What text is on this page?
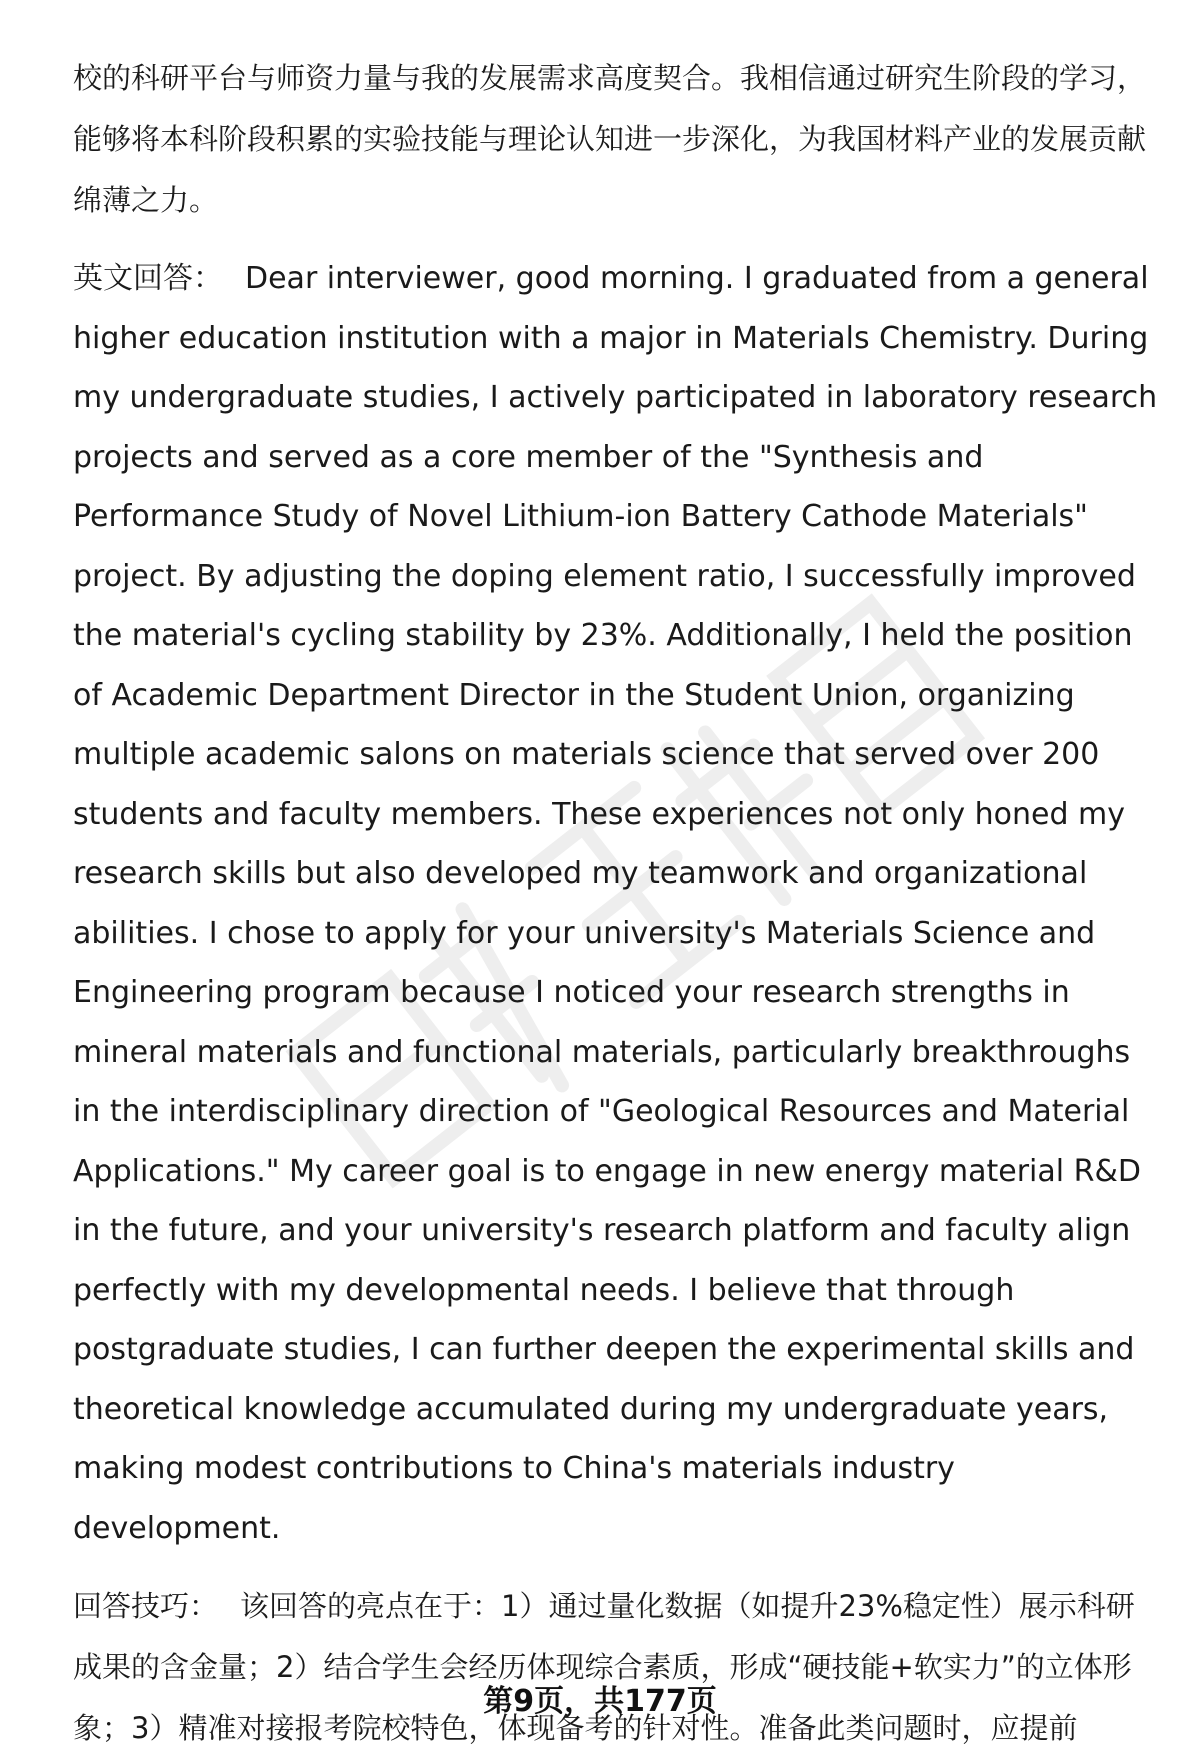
校的科研平台与师资力量与我的发展需求高度契合。我相信通过研究生阶段的学习，能够将本科阶段积累的实验技能与理论认知进一步深化，为我国材料产业的发展贡献绵薄之力。

英文回答： Dear interviewer, good morning. I graduated from a general higher education institution with a major in Materials Chemistry. During my undergraduate studies, I actively participated in laboratory research projects and served as a core member of the "Synthesis and Performance Study of Novel Lithium-ion Battery Cathode Materials" project. By adjusting the doping element ratio, I successfully improved the material's cycling stability by 23%. Additionally, I held the position of Academic Department Director in the Student Union, organizing multiple academic salons on materials science that served over 200 students and faculty members. These experiences not only honed my research skills but also developed my teamwork and organizational abilities. I chose to apply for your university's Materials Science and Engineering program because I noticed your research strengths in mineral materials and functional materials, particularly breakthroughs in the interdisciplinary direction of "Geological Resources and Material Applications." My career goal is to engage in new energy material R&D in the future, and your university's research platform and faculty align perfectly with my developmental needs. I believe that through postgraduate studies, I can further deepen the experimental skills and theoretical knowledge accumulated during my undergraduate years, making modest contributions to China's materials industry development.

回答技巧： 该回答的亮点在于：1）通过量化数据（如提升23%稳定性）展示科研成果的含金量；2）结合学生会经历体现综合素质，形成“硬技能+软实力”的立体形象；3）精准对接报考院校特色，体现备考的针对性。准备此类问题时，应提前

第9页，共177页
